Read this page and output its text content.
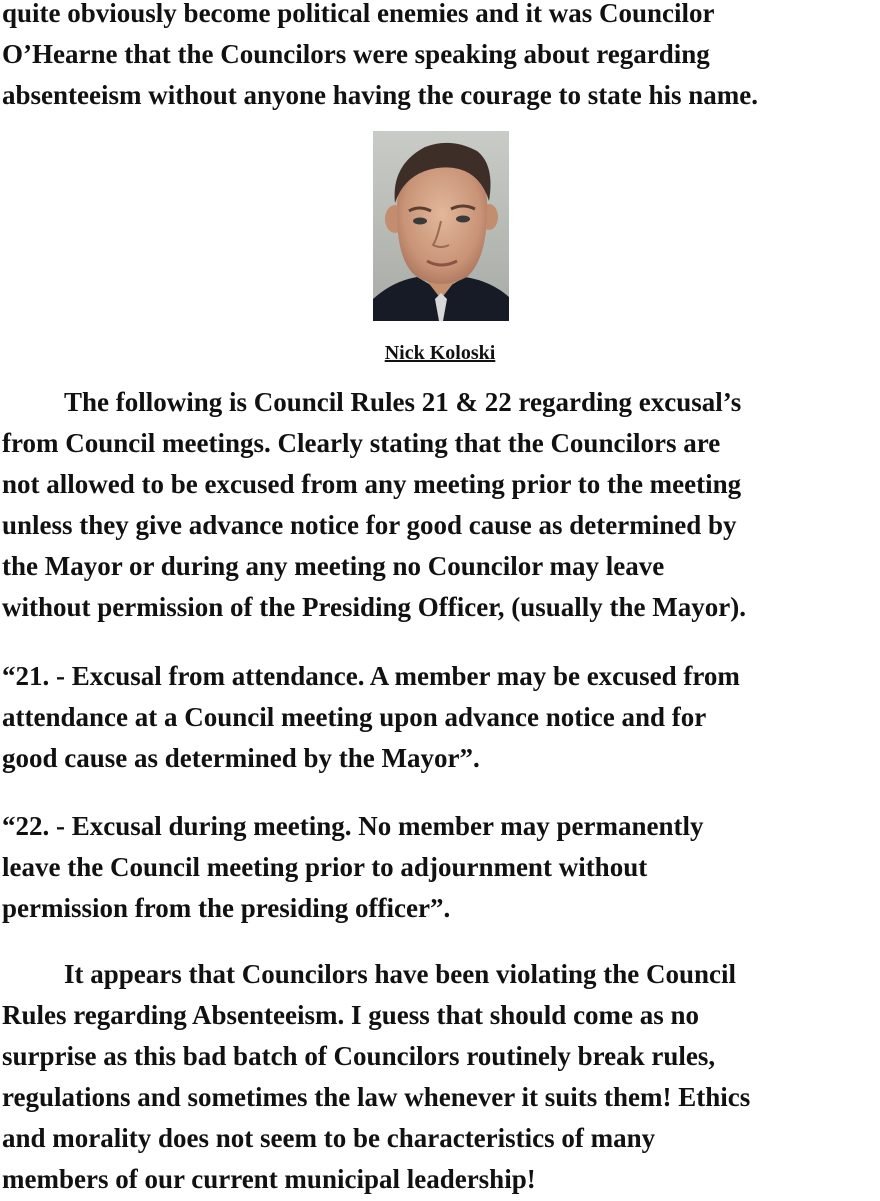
quite obviously become political enemies and it was Councilor
O’Hearne that the Councilors were speaking about regarding
absenteeism without anyone having the courage to state his name.

Nick Koloski

The following is Council Rules 21 & 22 regarding excusal’s

from Council meetings. Clearly stating that the Councilors are
not allowed to be excused from any meeting prior to the meeting
unless they give advance notice for good cause as determined by
the Mayor or during any meeting no Councilor may leave
without permission of the Presiding Officer, (usually the Mayor).

“21. - Excusal from attendance. A member may be excused from
attendance at a Council meeting upon advance notice and for
good cause as determined by the Mayor”.

“22. - Excusal during meeting. No member may permanently
leave the Council meeting prior to adjournment without
permission from the presiding officer”.

It appears that Councilors have been violating the Council

Rules regarding Absenteeism. I guess that should come as no
surprise as this bad batch of Councilors routinely break rules,
regulations and sometimes the law whenever it suits them! Ethics
and morality does not seem to be characteristics of many
members of our current municipal leadership!
